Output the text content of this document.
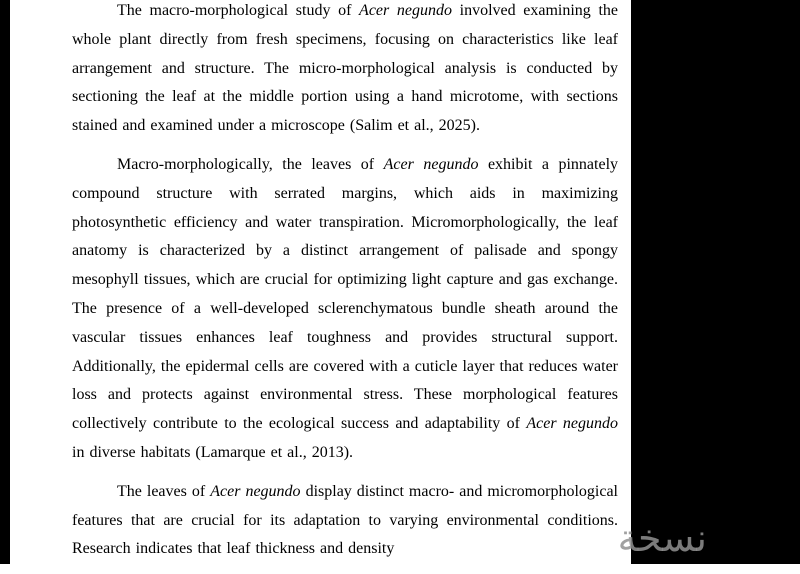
The macro-morphological study of Acer negundo involved examining the whole plant directly from fresh specimens, focusing on characteristics like leaf arrangement and structure. The micro-morphological analysis is conducted by sectioning the leaf at the middle portion using a hand microtome, with sections stained and examined under a microscope (Salim et al., 2025).

Macro-morphologically, the leaves of Acer negundo exhibit a pinnately compound structure with serrated margins, which aids in maximizing photosynthetic efficiency and water transpiration. Micromorphologically, the leaf anatomy is characterized by a distinct arrangement of palisade and spongy mesophyll tissues, which are crucial for optimizing light capture and gas exchange. The presence of a well-developed sclerenchymatous bundle sheath around the vascular tissues enhances leaf toughness and provides structural support. Additionally, the epidermal cells are covered with a cuticle layer that reduces water loss and protects against environmental stress. These morphological features collectively contribute to the ecological success and adaptability of Acer negundo in diverse habitats (Lamarque et al., 2013).

The leaves of Acer negundo display distinct macro- and micromorphological features that are crucial for its adaptation to varying environmental conditions. Research indicates that leaf thickness and density	نسخة
